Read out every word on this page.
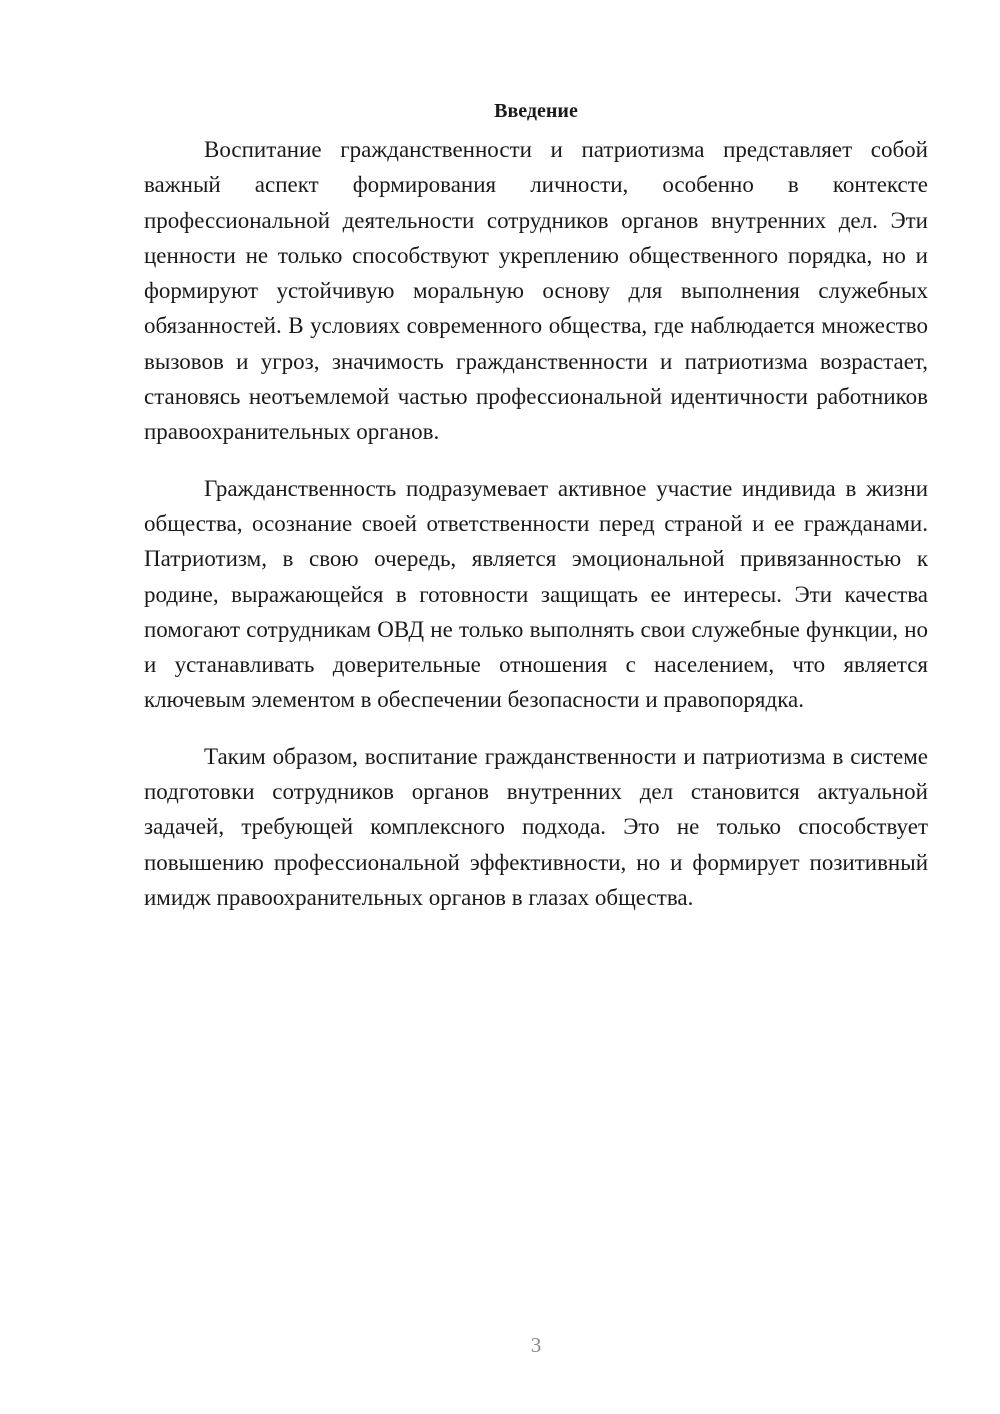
Введение

Воспитание гражданственности и патриотизма представляет собой важный аспект формирования личности, особенно в контексте профессиональной деятельности сотрудников органов внутренних дел. Эти ценности не только способствуют укреплению общественного порядка, но и формируют устойчивую моральную основу для выполнения служебных обязанностей. В условиях современного общества, где наблюдается множество вызовов и угроз, значимость гражданственности и патриотизма возрастает, становясь неотъемлемой частью профессиональной идентичности работников правоохранительных органов.

Гражданственность подразумевает активное участие индивида в жизни общества, осознание своей ответственности перед страной и ее гражданами. Патриотизм, в свою очередь, является эмоциональной привязанностью к родине, выражающейся в готовности защищать ее интересы. Эти качества помогают сотрудникам ОВД не только выполнять свои служебные функции, но и устанавливать доверительные отношения с населением, что является ключевым элементом в обеспечении безопасности и правопорядка.

Таким образом, воспитание гражданственности и патриотизма в системе подготовки сотрудников органов внутренних дел становится актуальной задачей, требующей комплексного подхода. Это не только способствует повышению профессиональной эффективности, но и формирует позитивный имидж правоохранительных органов в глазах общества.

3
